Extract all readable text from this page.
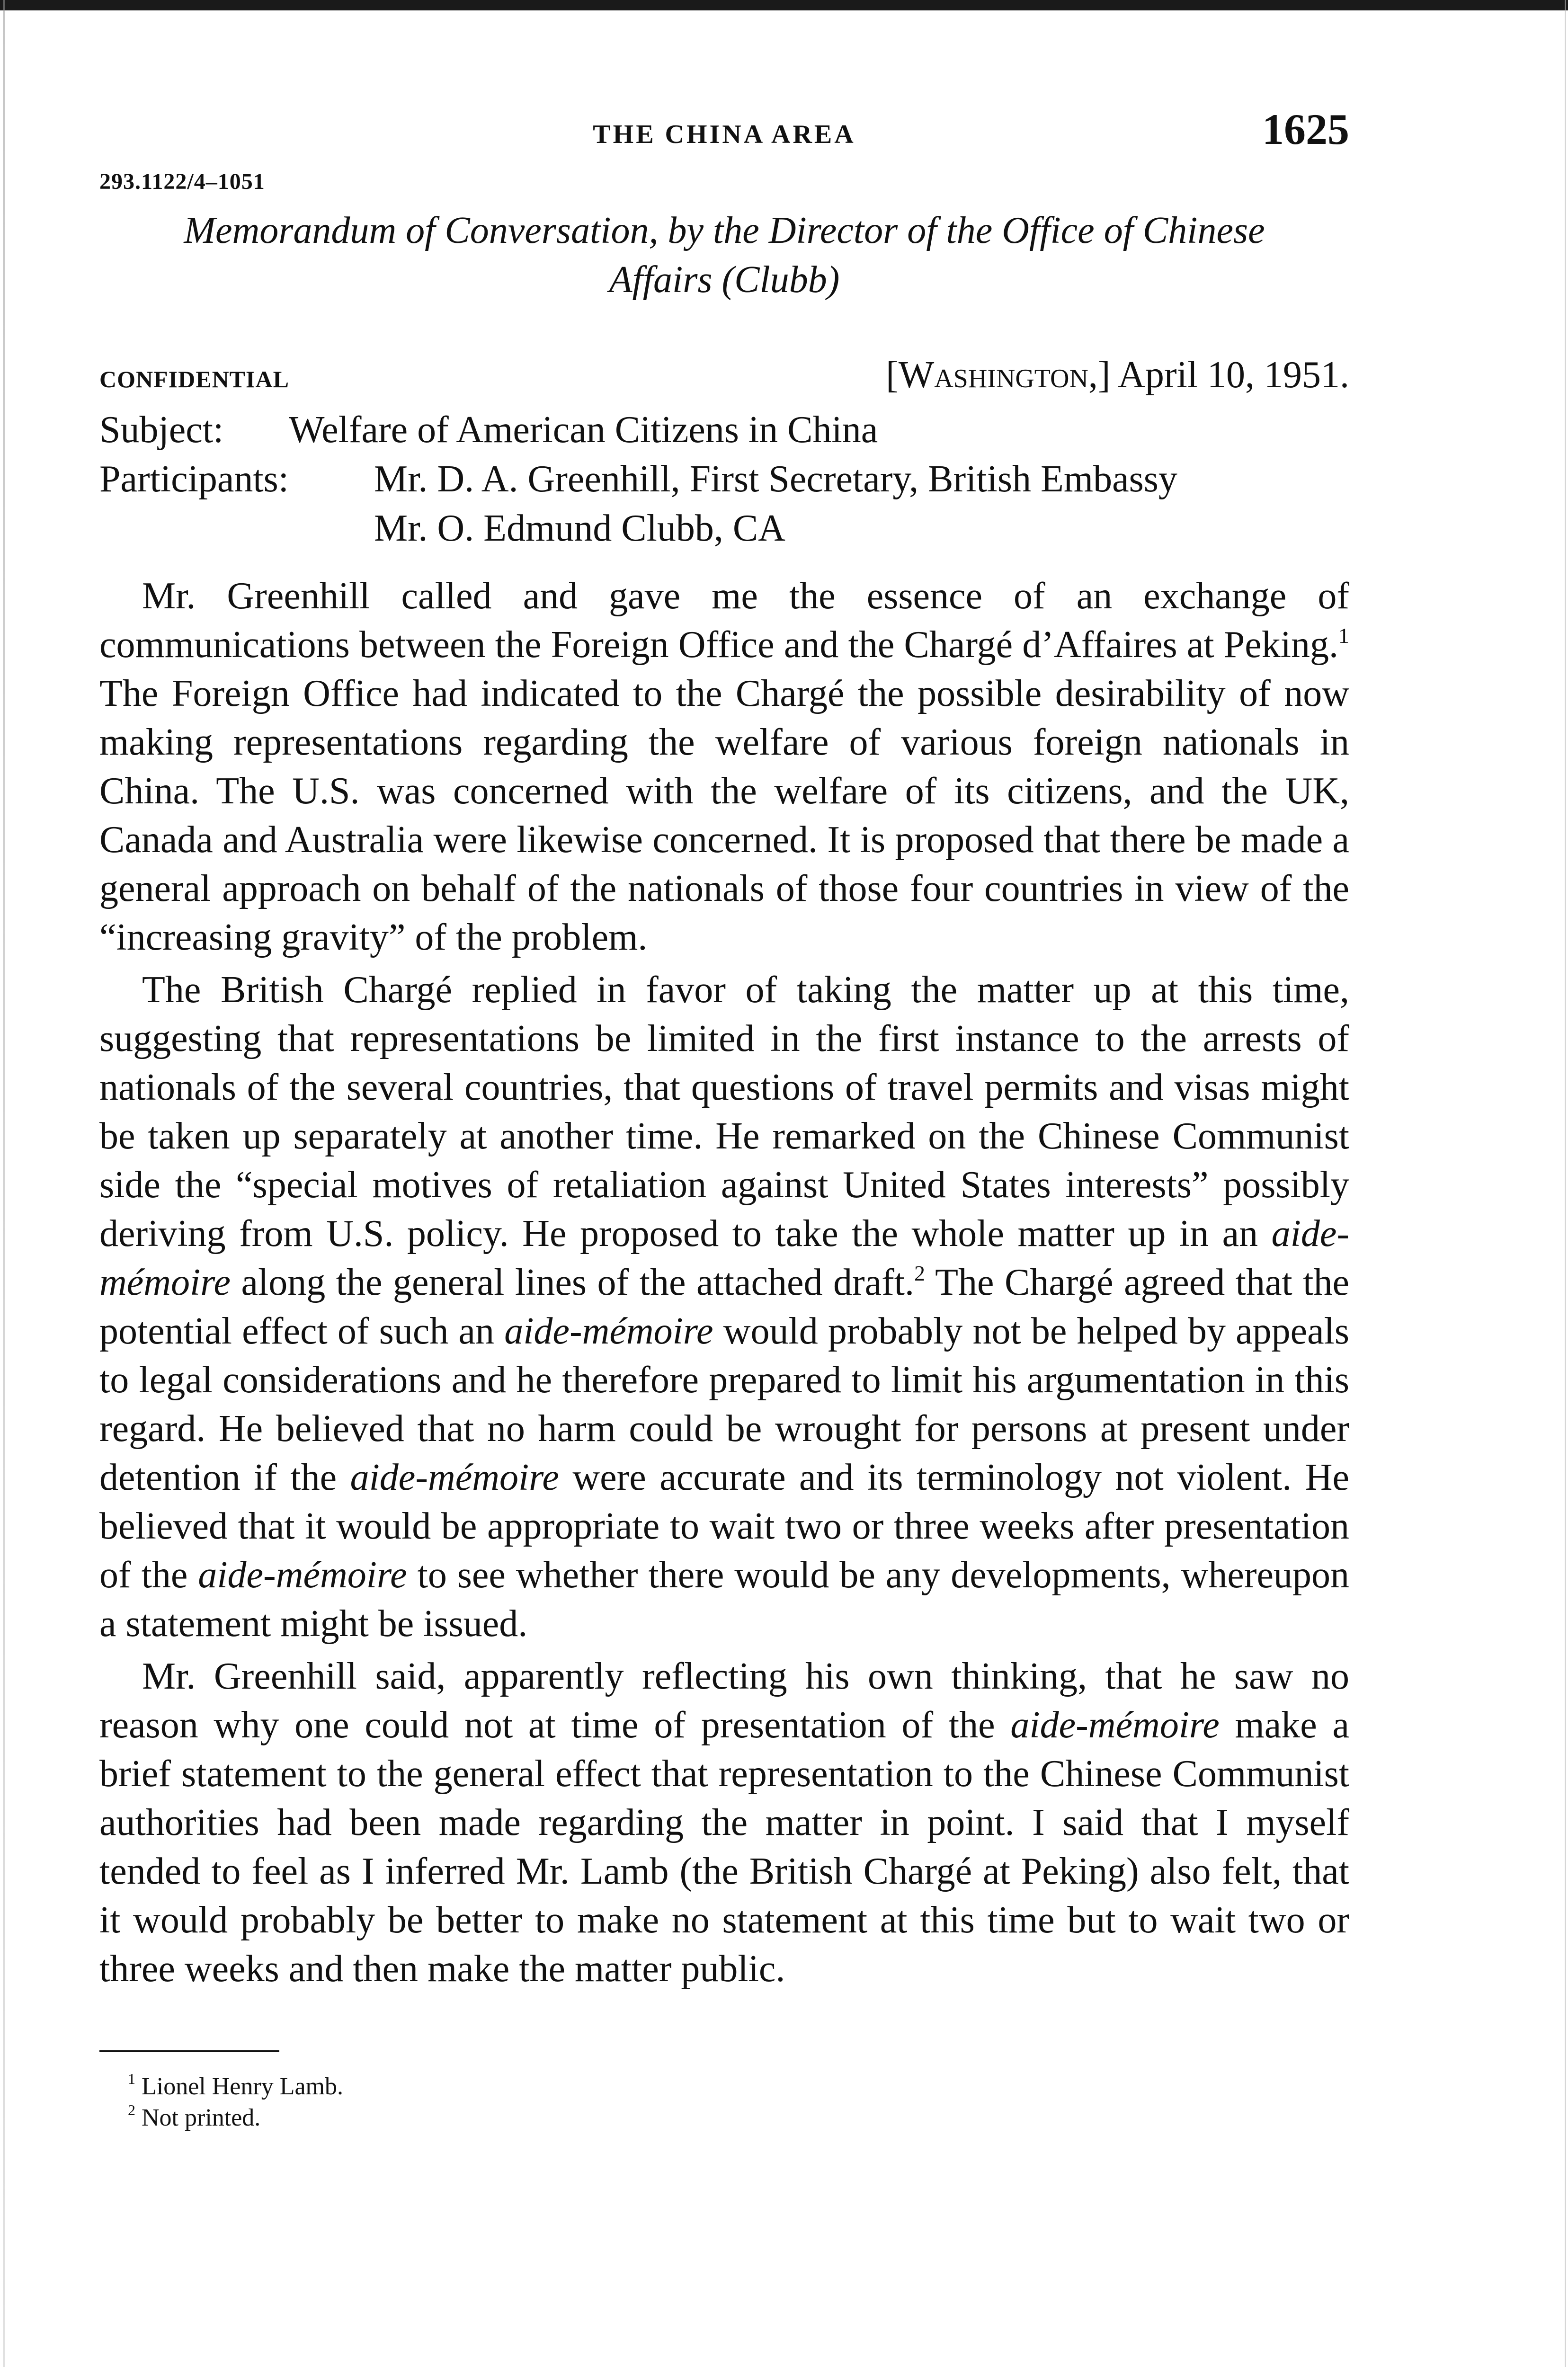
THE CHINA AREA	1625
293.1122/4–1051
Memorandum of Conversation, by the Director of the Office of Chinese
Affairs (Clubb)
CONFIDENTIAL	[Washington,] April 10, 1951.
Subject:	Welfare of American Citizens in China
Participants:	Mr. D. A. Greenhill, First Secretary, British Embassy
Mr. O. Edmund Clubb, CA

Mr. Greenhill called and gave me the essence of an exchange of communications between the Foreign Office and the Chargé d’Affaires at Peking.$^1$ The Foreign Office had indicated to the Chargé the possible desirability of now making representations regarding the welfare of various foreign nationals in China. The U.S. was concerned with the welfare of its citizens, and the UK, Canada and Australia were likewise concerned. It is proposed that there be made a general approach on behalf of the nationals of those four countries in view of the “increasing gravity” of the problem.

The British Chargé replied in favor of taking the matter up at this time, suggesting that representations be limited in the first instance to the arrests of nationals of the several countries, that questions of travel permits and visas might be taken up separately at another time. He remarked on the Chinese Communist side the “special motives of retaliation against United States interests” possibly deriving from U.S. policy. He proposed to take the whole matter up in an aide-mémoire along the general lines of the attached draft.$^2$ The Chargé agreed that the potential effect of such an aide-mémoire would probably not be helped by appeals to legal considerations and he therefore prepared to limit his argumentation in this regard. He believed that no harm could be wrought for persons at present under detention if the aide-mémoire were accurate and its terminology not violent. He believed that it would be appropriate to wait two or three weeks after presentation of the aide-mémoire to see whether there would be any developments, whereupon a statement might be issued.

Mr. Greenhill said, apparently reflecting his own thinking, that he saw no reason why one could not at time of presentation of the aide-mémoire make a brief statement to the general effect that representation to the Chinese Communist authorities had been made regarding the matter in point. I said that I myself tended to feel as I inferred Mr. Lamb (the British Chargé at Peking) also felt, that it would probably be better to make no statement at this time but to wait two or three weeks and then make the matter public.

$^1$ Lionel Henry Lamb.
$^2$ Not printed.
